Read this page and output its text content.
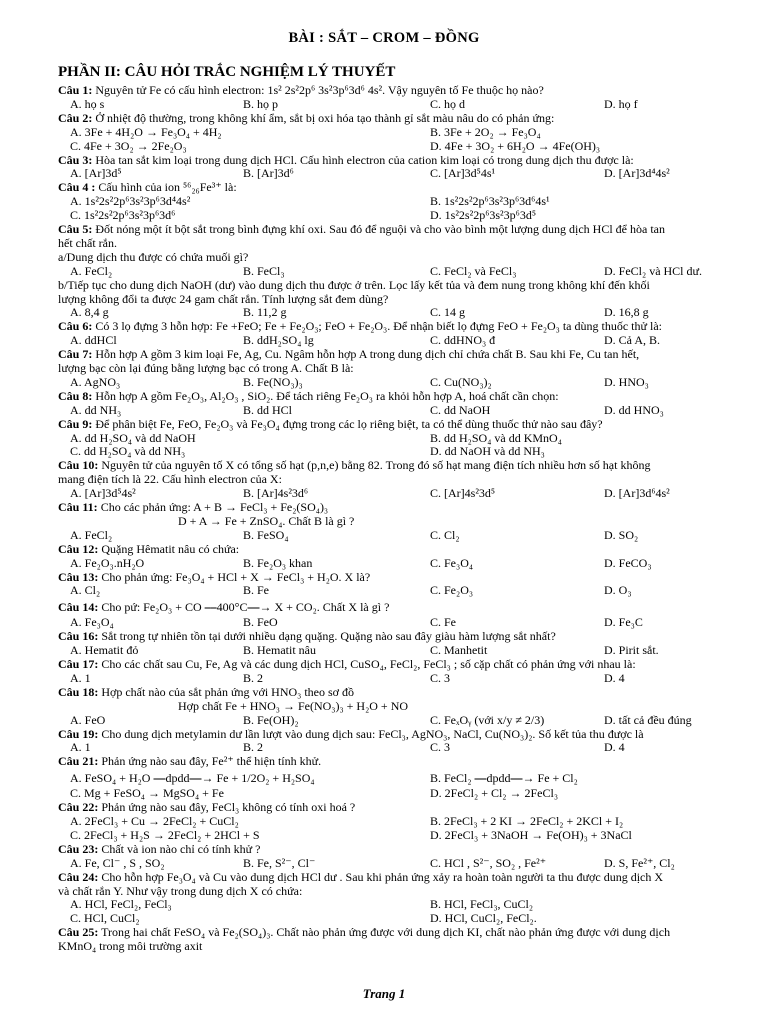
BÀI : SẮT – CROM – ĐỒNG
PHẦN II: CÂU HỎI TRẮC NGHIỆM LÝ THUYẾT
Câu 1: Nguyên tử Fe có cấu hình electron: 1s² 2s²2p⁶ 3s²3p⁶3d⁶ 4s². Vậy nguyên tố Fe thuộc họ nào?
A. họ s	B. họ p	C. họ d	D. họ f
Câu 2: Ở nhiệt độ thường, trong không khí ẩm, sắt bị oxi hóa tạo thành gỉ sắt màu nâu do có phản ứng:
A. 3Fe + 4H₂O → Fe₃O₄ + 4H₂	B. 3Fe + 2O₂ → Fe₃O₄
C. 4Fe + 3O₂ → 2Fe₂O₃	D. 4Fe + 3O₂ + 6H₂O → 4Fe(OH)₃
Câu 3: Hòa tan sắt kim loại trong dung dịch HCl. Cấu hình electron của cation kim loại có trong dung dịch thu được là:
A. [Ar]3d⁵	B. [Ar]3d⁶	C. [Ar]3d⁵4s¹	D. [Ar]3d⁴4s²
Câu 4 : Cấu hình của ion ⁵⁶₂₆Fe³⁺ là:
A. 1s²2s²2p⁶3s²3p⁶3d⁴4s²	B. 1s²2s²2p⁶3s²3p⁶3d⁶4s¹
C. 1s²2s²2p⁶3s²3p⁶3d⁶	D. 1s²2s²2p⁶3s²3p⁶3d⁵
Câu 5: Đốt nóng một ít bột sắt trong bình đựng khí oxi. Sau đó để nguội và cho vào bình một lượng dung dịch HCl để hòa tan
hết chất rắn.
a/Dung dịch thu được có chứa muối gì?
A. FeCl₂	B. FeCl₃	C. FeCl₂ và FeCl₃	D. FeCl₂ và HCl dư.
b/Tiếp tục cho dung dịch NaOH (dư) vào dung dịch thu được ở trên. Lọc lấy kết tủa và đem nung trong không khí đến khối
lượng không đổi ta được 24 gam chất rắn. Tính lượng sắt đem dùng?
A. 8,4 g	B. 11,2 g	C. 14 g	D. 16,8 g
Câu 6: Có 3 lọ đựng 3 hỗn hợp: Fe +FeO; Fe + Fe₂O₃; FeO + Fe₂O₃. Để nhận biết lọ đựng FeO + Fe₂O₃ ta dùng thuốc thử là:
A. ddHCl	B. ddH₂SO₄ lg	C. ddHNO₃ đ	D. Cả A, B.
Câu 7: Hỗn hợp A gồm 3 kim loại Fe, Ag, Cu. Ngâm hỗn hợp A trong dung dịch chỉ chứa chất B. Sau khi Fe, Cu tan hết,
lượng bạc còn lại đúng bằng lượng bạc có trong A. Chất B là:
A. AgNO₃	B. Fe(NO₃)₃	C. Cu(NO₃)₂	D. HNO₃
Câu 8: Hỗn hợp A gồm Fe₂O₃, Al₂O₃ , SiO₂. Để tách riêng Fe₂O₃ ra khỏi hỗn hợp A, hoá chất cần chọn:
A. dd NH₃	B. dd HCl	C. dd NaOH	D. dd HNO₃
Câu 9: Để phân biệt Fe, FeO, Fe₂O₃ và Fe₃O₄ đựng trong các lọ riêng biệt, ta có thể dùng thuốc thử nào sau đây?
A. dd H₂SO₄ và dd NaOH	B. dd H₂SO₄ và dd KMnO₄
C. dd H₂SO₄ và dd NH₃	D. dd NaOH và dd NH₃
Câu 10: Nguyên tử của nguyên tố X có tổng số hạt (p,n,e) bằng 82. Trong đó số hạt mang điện tích nhiều hơn số hạt không
mang điện tích là 22. Cấu hình electron của X:
A. [Ar]3d⁵4s²	B. [Ar]4s²3d⁶	C. [Ar]4s²3d⁵	D. [Ar]3d⁶4s²
Câu 11: Cho các phản ứng: A + B → FeCl₃ + Fe₂(SO₄)₃
D + A → Fe + ZnSO₄. Chất B là gì ?
A. FeCl₂	B. FeSO₄	C. Cl₂	D. SO₂
Câu 12: Quặng Hêmatit nâu có chứa:
A. Fe₂O₃.nH₂O	B. Fe₂O₃ khan	C. Fe₃O₄	D. FeCO₃
Câu 13: Cho phản ứng: Fe₃O₄ + HCl + X → FeCl₃ + H₂O. X là?
A. Cl₂	B. Fe	C. Fe₂O₃	D. O₃
Câu 14: Cho pứ: Fe₂O₃ + CO ⎯⎯400°C⎯⎯→ X + CO₂. Chất X là gì ?
A. Fe₃O₄	B. FeO	C. Fe	D. Fe₃C
Câu 16: Sắt trong tự nhiên tồn tại dưới nhiều dạng quặng. Quặng nào sau đây giàu hàm lượng sắt nhất?
A. Hematit đỏ	B. Hematit nâu	C. Manhetit	D. Pirit sắt.
Câu 17: Cho các chất sau Cu, Fe, Ag và các dung dịch HCl, CuSO₄, FeCl₂, FeCl₃ ; số cặp chất có phản ứng với nhau là:
A. 1	B. 2	C. 3	D. 4
Câu 18: Hợp chất nào của sắt phản ứng với HNO₃ theo sơ đồ
Hợp chất Fe + HNO₃ → Fe(NO₃)₃ + H₂O + NO
A. FeO	B. Fe(OH)₂	C. FeₓOᵧ (với x/y ≠ 2/3)	D. tất cả đều đúng
Câu 19: Cho dung dịch metylamin dư lần lượt vào dung dịch sau: FeCl₃, AgNO₃, NaCl, Cu(NO₃)₂. Số kết tủa thu được là
A. 1	B. 2	C. 3	D. 4
Câu 21: Phản ứng nào sau đây, Fe²⁺ thể hiện tính khử.
A. FeSO₄ + H₂O ⎯⎯dpdd⎯⎯→ Fe + 1/2O₂ + H₂SO₄	B. FeCl₂ ⎯⎯dpdd⎯⎯→ Fe + Cl₂
C. Mg + FeSO₄ → MgSO₄ + Fe	D. 2FeCl₂ + Cl₂ → 2FeCl₃
Câu 22: Phản ứng nào sau đây, FeCl₃ không có tính oxi hoá ?
A. 2FeCl₃ + Cu → 2FeCl₂ + CuCl₂	B. 2FeCl₃ + 2 KI → 2FeCl₂ + 2KCl + I₂
C. 2FeCl₃ + H₂S → 2FeCl₂ + 2HCl + S	D. 2FeCl₃ + 3NaOH → Fe(OH)₃ + 3NaCl
Câu 23: Chất và ion nào chỉ có tính khử ?
A. Fe, Cl⁻ , S , SO₂	B. Fe, S²⁻, Cl⁻	C. HCl , S²⁻, SO₂ , Fe²⁺	D. S, Fe²⁺, Cl₂
Câu 24: Cho hỗn hợp Fe₃O₄ và Cu vào dung dịch HCl dư . Sau khi phản ứng xảy ra hoàn toàn người ta thu được dung dịch X
và chất rắn Y. Như vậy trong dung dịch X có chứa:
A. HCl, FeCl₂, FeCl₃	B. HCl, FeCl₃, CuCl₂
C. HCl, CuCl₂	D. HCl, CuCl₂, FeCl₂.
Câu 25: Trong hai chất FeSO₄ và Fe₂(SO₄)₃. Chất nào phản ứng được với dung dịch KI, chất nào phản ứng được với dung dịch
KMnO₄ trong môi trường axit
Trang 1
